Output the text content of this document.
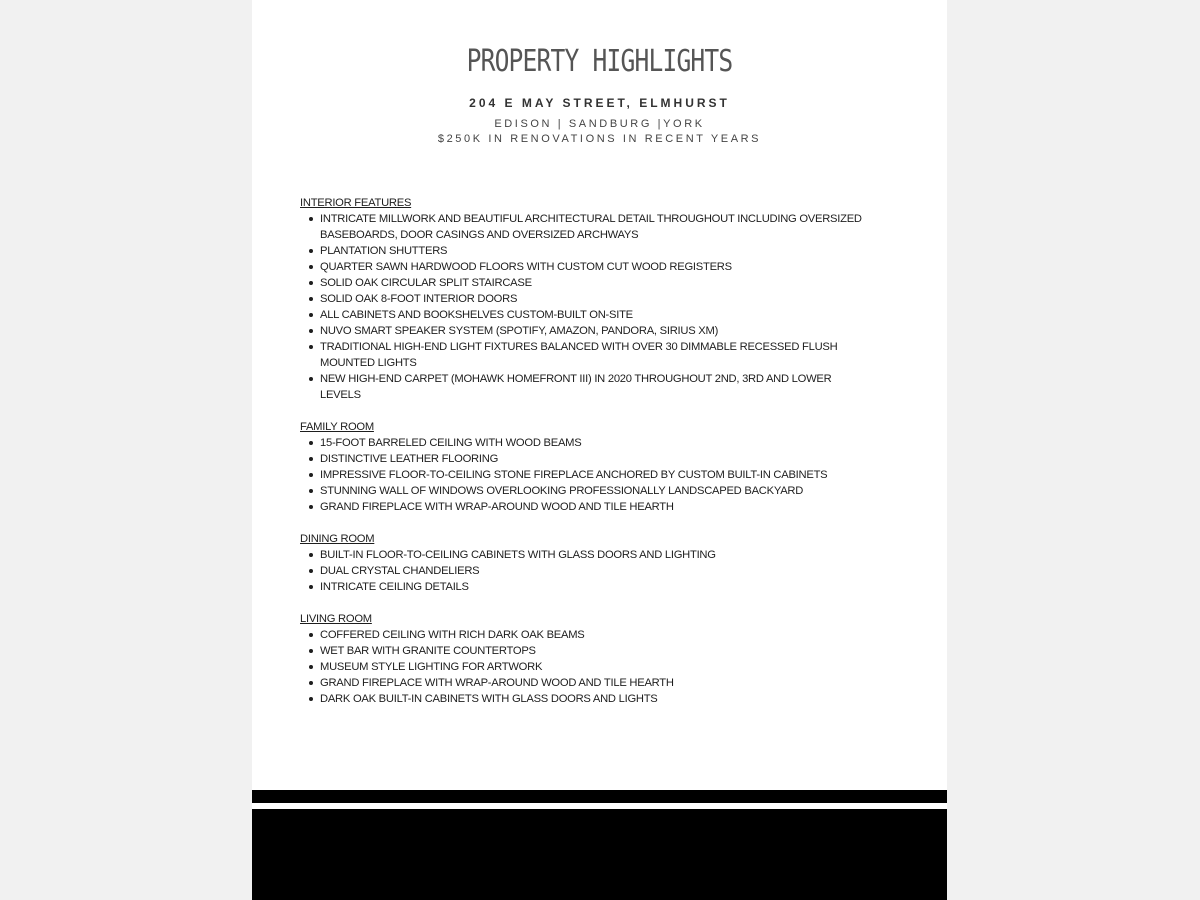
PROPERTY HIGHLIGHTS
204 E MAY STREET, ELMHURST
EDISON | SANDBURG |YORK
$250K IN RENOVATIONS IN RECENT YEARS
INTERIOR FEATURES
INTRICATE MILLWORK AND BEAUTIFUL ARCHITECTURAL DETAIL THROUGHOUT INCLUDING OVERSIZED BASEBOARDS, DOOR CASINGS AND OVERSIZED ARCHWAYS
PLANTATION SHUTTERS
QUARTER SAWN HARDWOOD FLOORS WITH CUSTOM CUT WOOD REGISTERS
SOLID OAK CIRCULAR SPLIT STAIRCASE
SOLID OAK 8-FOOT INTERIOR DOORS
ALL CABINETS AND BOOKSHELVES CUSTOM-BUILT ON-SITE
NUVO SMART SPEAKER SYSTEM (SPOTIFY, AMAZON, PANDORA, SIRIUS XM)
TRADITIONAL HIGH-END LIGHT FIXTURES BALANCED WITH OVER 30 DIMMABLE RECESSED FLUSH MOUNTED LIGHTS
NEW HIGH-END CARPET (MOHAWK HOMEFRONT III) IN 2020 THROUGHOUT 2ND, 3RD AND LOWER LEVELS
FAMILY ROOM
15-FOOT BARRELED CEILING WITH WOOD BEAMS
DISTINCTIVE LEATHER FLOORING
IMPRESSIVE FLOOR-TO-CEILING STONE FIREPLACE ANCHORED BY CUSTOM BUILT-IN CABINETS
STUNNING WALL OF WINDOWS OVERLOOKING PROFESSIONALLY LANDSCAPED BACKYARD
GRAND FIREPLACE WITH WRAP-AROUND WOOD AND TILE HEARTH
DINING ROOM
BUILT-IN FLOOR-TO-CEILING CABINETS WITH GLASS DOORS AND LIGHTING
DUAL CRYSTAL CHANDELIERS
INTRICATE CEILING DETAILS
LIVING ROOM
COFFERED CEILING WITH RICH DARK OAK BEAMS
WET BAR WITH GRANITE COUNTERTOPS
MUSEUM STYLE LIGHTING FOR ARTWORK
GRAND FIREPLACE WITH WRAP-AROUND WOOD AND TILE HEARTH
DARK OAK BUILT-IN CABINETS WITH GLASS DOORS AND LIGHTS
